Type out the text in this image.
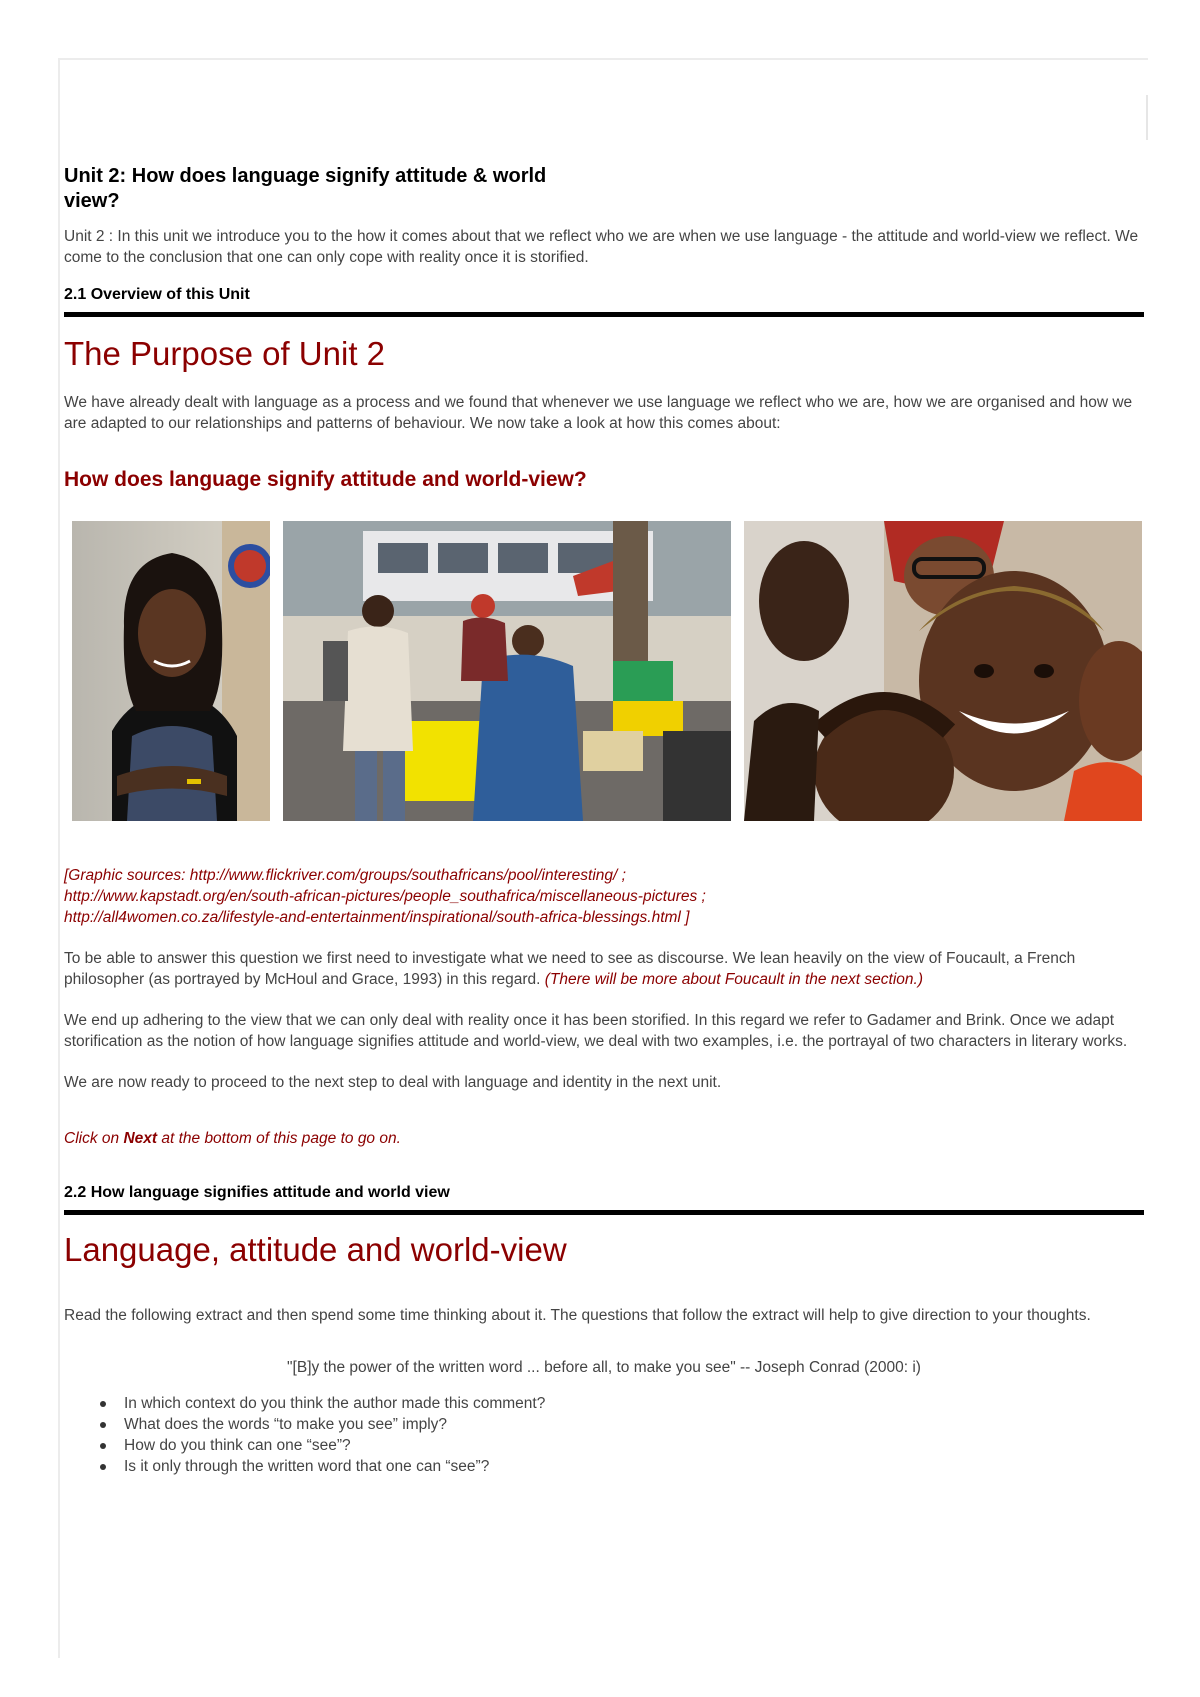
Unit 2: How does language signify attitude & world view?

Unit 2 : In this unit we introduce you to the how it comes about that we reflect who we are when we use language - the attitude and world-view we reflect. We come to the conclusion that one can only cope with reality once it is storified.

2.1 Overview of this Unit
The Purpose of Unit 2

We have already dealt with language as a process and we found that whenever we use language we reflect who we are, how we are organised and how we are adapted to our relationships and patterns of behaviour. We now take a look at how this comes about:

How does language signify attitude and world-view?

[Graphic sources: http://www.flickriver.com/groups/southafricans/pool/interesting/ ;

http://www.kapstadt.org/en/south-african-pictures/people_southafrica/miscellaneous-pictures ;

http://all4women.co.za/lifestyle-and-entertainment/inspirational/south-africa-blessings.html ]

To be able to answer this question we first need to investigate what we need to see as discourse. We lean heavily on the view of Foucault, a French philosopher (as portrayed by McHoul and Grace, 1993) in this regard. (There will be more about Foucault in the next section.)

We end up adhering to the view that we can only deal with reality once it has been storified. In this regard we refer to Gadamer and Brink. Once we adapt storification as the notion of how language signifies attitude and world-view, we deal with two examples, i.e. the portrayal of two characters in literary works.

We are now ready to proceed to the next step to deal with language and identity in the next unit.

Click on Next at the bottom of this page to go on.

2.2 How language signifies attitude and world view
Language, attitude and world-view

Read the following extract and then spend some time thinking about it. The questions that follow the extract will help to give direction to your thoughts.

"[B]y the power of the written word ... before all, to make you see" -- Joseph Conrad (2000: i)

In which context do you think the author made this comment?
What does the words “to make you see” imply?
How do you think can one “see”?
Is it only through the written word that one can “see”?
